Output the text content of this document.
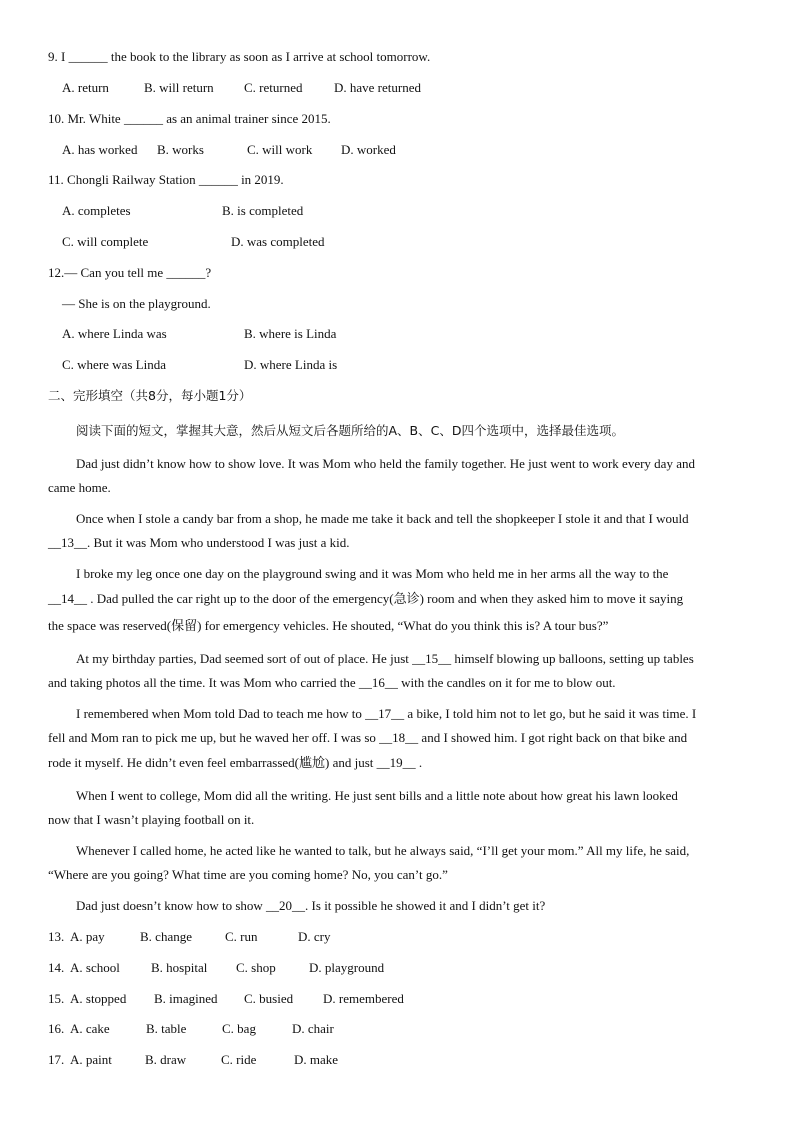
9. I ______ the book to the library as soon as I arrive at school tomorrow.
A. return	B. will return C. returned D. have returned
10. Mr. White ______ as an animal trainer since 2015.
A. has worked B. works	C. will work D. worked
11. Chongli Railway Station ______ in 2019.
A. completes	B. is completed
C. will complete	D. was completed
12.— Can you tell me ______?
— She is on the playground.
A. where Linda was	B. where is Linda
C. where was Linda	D. where Linda is
二、完形填空（共8分，每小题1分）
阅读下面的短文，掌握其大意，然后从短文后各题所给的A、B、C、D四个选项中，选择最佳选项。
Dad just didn’t know how to show love. It was Mom who held the family together. He just went to work every day and
came home.
Once when I stole a candy bar from a shop, he made me take it back and tell the shopkeeper I stole it and that I would
__13__. But it was Mom who understood I was just a kid.
I broke my leg once one day on the playground swing and it was Mom who held me in her arms all the way to the
__14__ . Dad pulled the car right up to the door of the emergency(急诊) room and when they asked him to move it saying
the space was reserved(保留) for emergency vehicles. He shouted, “What do you think this is? A tour bus?”
At my birthday parties, Dad seemed sort of out of place. He just __15__ himself blowing up balloons, setting up tables
and taking photos all the time. It was Mom who carried the __16__ with the candles on it for me to blow out.
I remembered when Mom told Dad to teach me how to __17__ a bike, I told him not to let go, but he said it was time. I
fell and Mom ran to pick me up, but he waved her off. I was so __18__ and I showed him. I got right back on that bike and
rode it myself. He didn’t even feel embarrassed(尴尬) and just __19__ .
When I went to college, Mom did all the writing. He just sent bills and a little note about how great his lawn looked
now that I wasn’t playing football on it.
Whenever I called home, he acted like he wanted to talk, but he always said, “I’ll get your mom.” All my life, he said,
“Where are you going? What time are you coming home? No, you can’t go.”
Dad just doesn’t know how to show __20__. Is it possible he showed it and I didn’t get it?
13. A. pay	B. change	C. run	D. cry
14. A. school B. hospital C. shop	D. playground
15. A. stopped B. imagined C. busied D. remembered
16. A. cake	B. table	C. bag	D. chair
17. A. paint	B. draw	C. ride	D. make
